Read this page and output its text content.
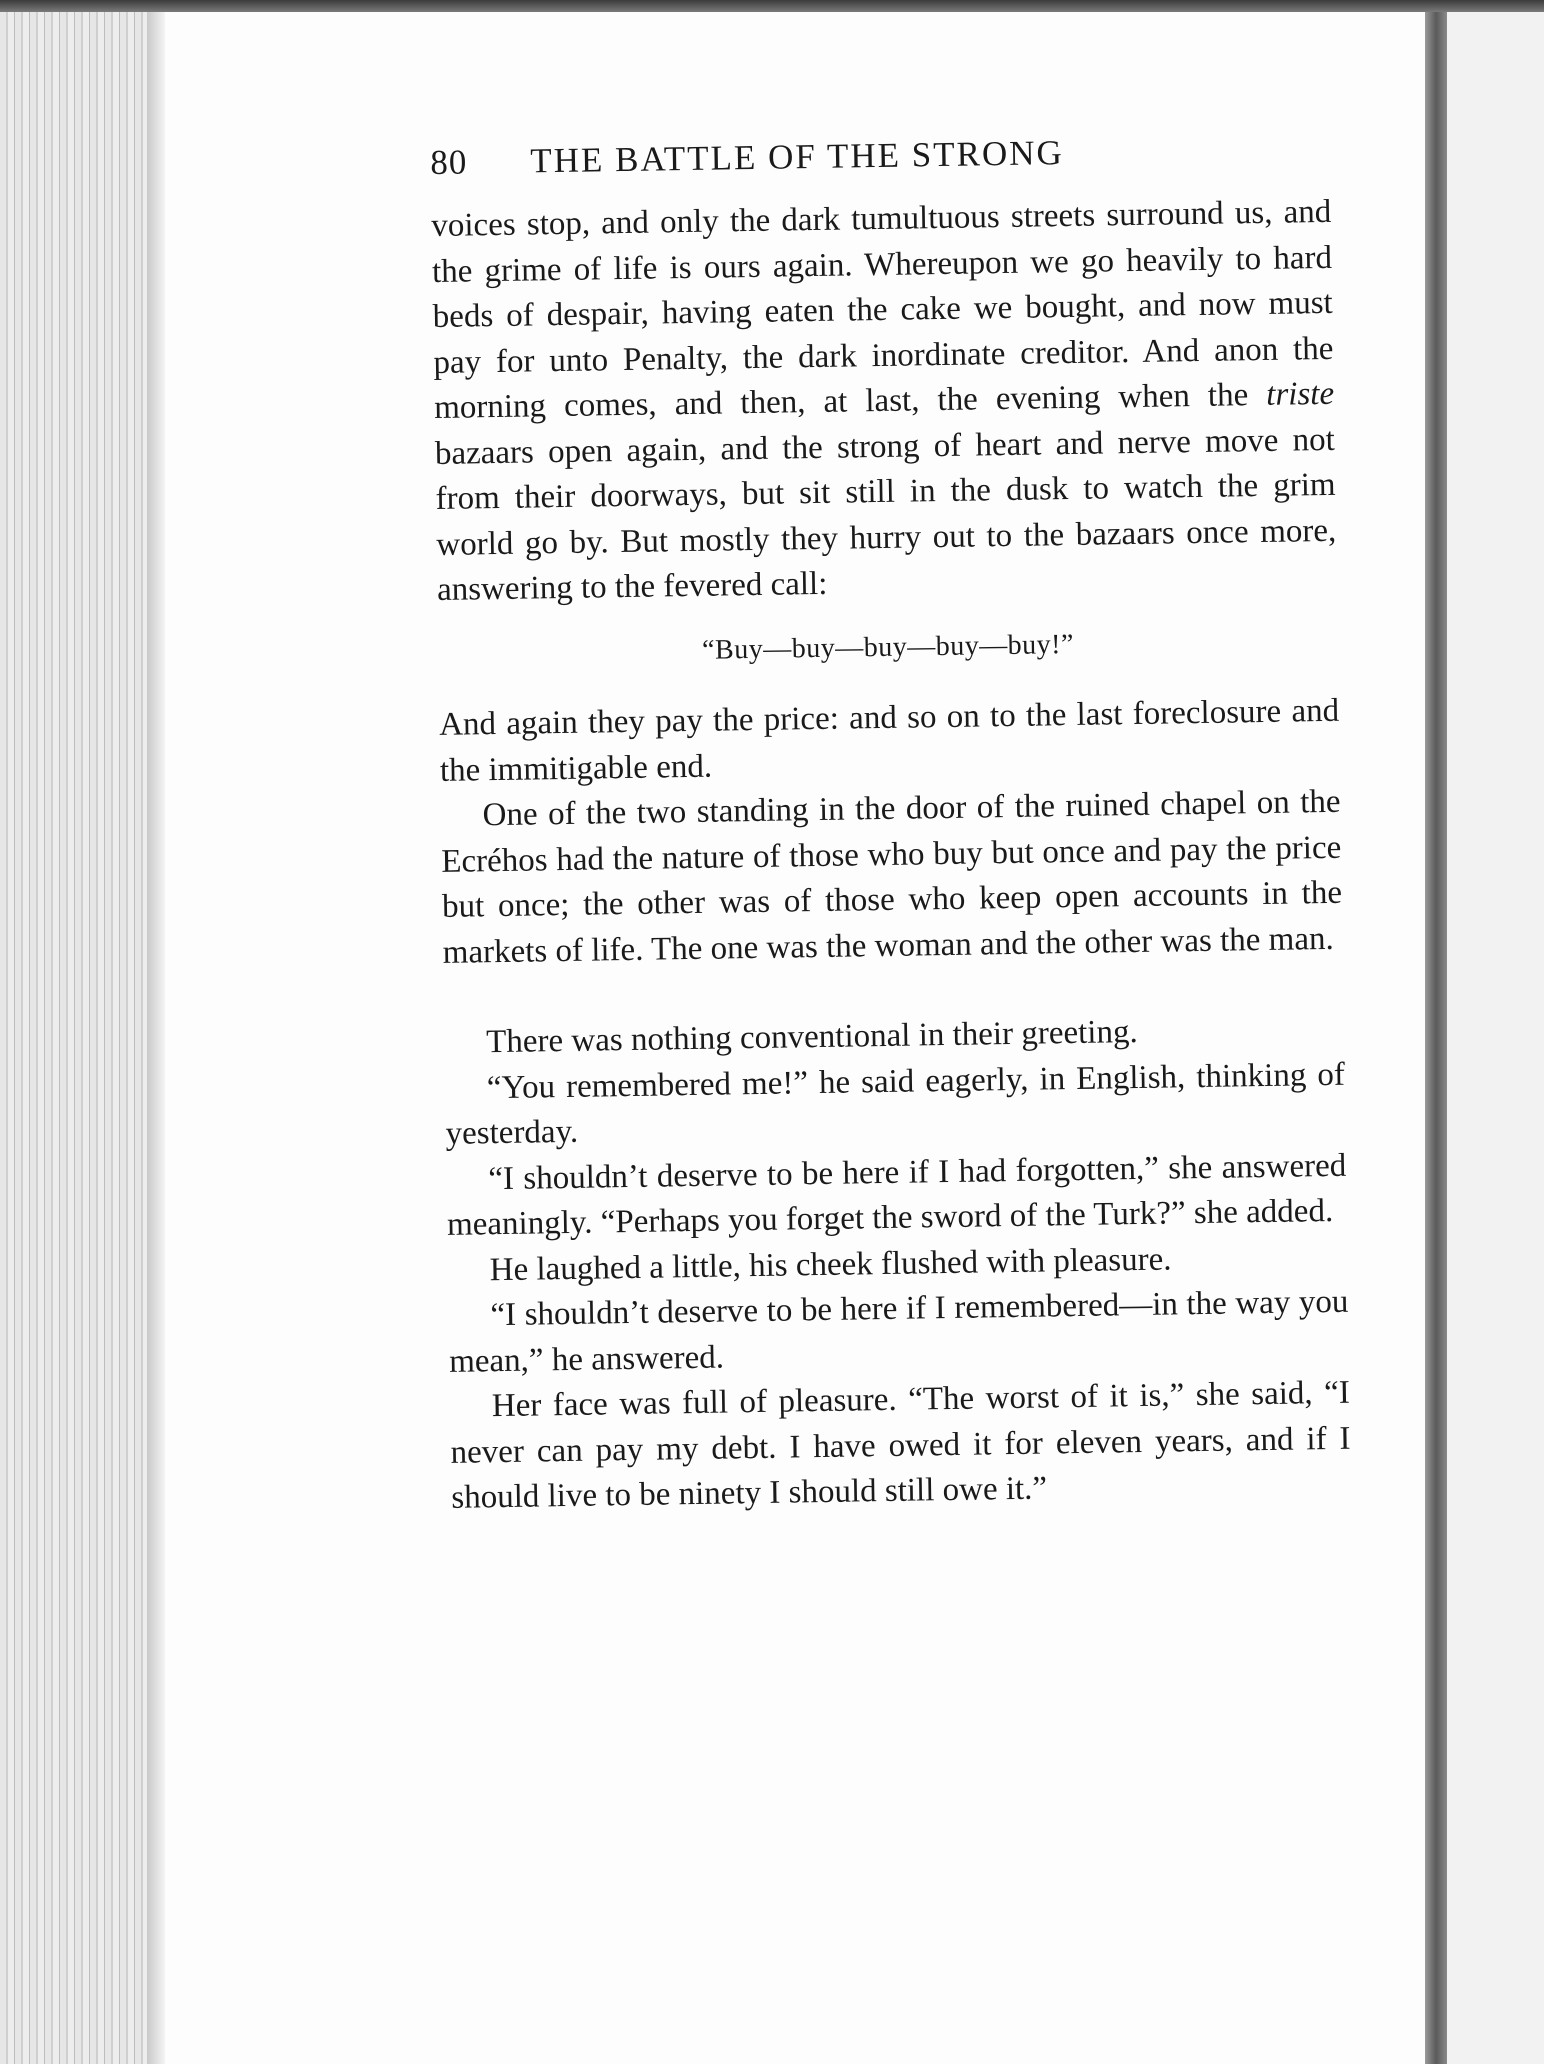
80	THE BATTLE OF THE STRONG

voices stop, and only the dark tumultuous streets surround us, and the grime of life is ours again. Whereupon we go heavily to hard beds of despair, having eaten the cake we bought, and now must pay for unto Penalty, the dark inordinate creditor. And anon the morning comes, and then, at last, the evening when the triste bazaars open again, and the strong of heart and nerve move not from their doorways, but sit still in the dusk to watch the grim world go by. But mostly they hurry out to the bazaars once more, answering to the fevered call:

“Buy—buy—buy—buy—buy!”

And again they pay the price: and so on to the last foreclosure and the immitigable end.

One of the two standing in the door of the ruined chapel on the Ecréhos had the nature of those who buy but once and pay the price but once; the other was of those who keep open accounts in the markets of life. The one was the woman and the other was the man.

There was nothing conventional in their greeting.

“You remembered me!” he said eagerly, in English, thinking of yesterday.

“I shouldn’t deserve to be here if I had forgotten,” she answered meaningly. “Perhaps you forget the sword of the Turk?” she added.

He laughed a little, his cheek flushed with pleasure.

“I shouldn’t deserve to be here if I remembered—in the way you mean,” he answered.

Her face was full of pleasure. “The worst of it is,” she said, “I never can pay my debt. I have owed it for eleven years, and if I should live to be ninety I should still owe it.”
